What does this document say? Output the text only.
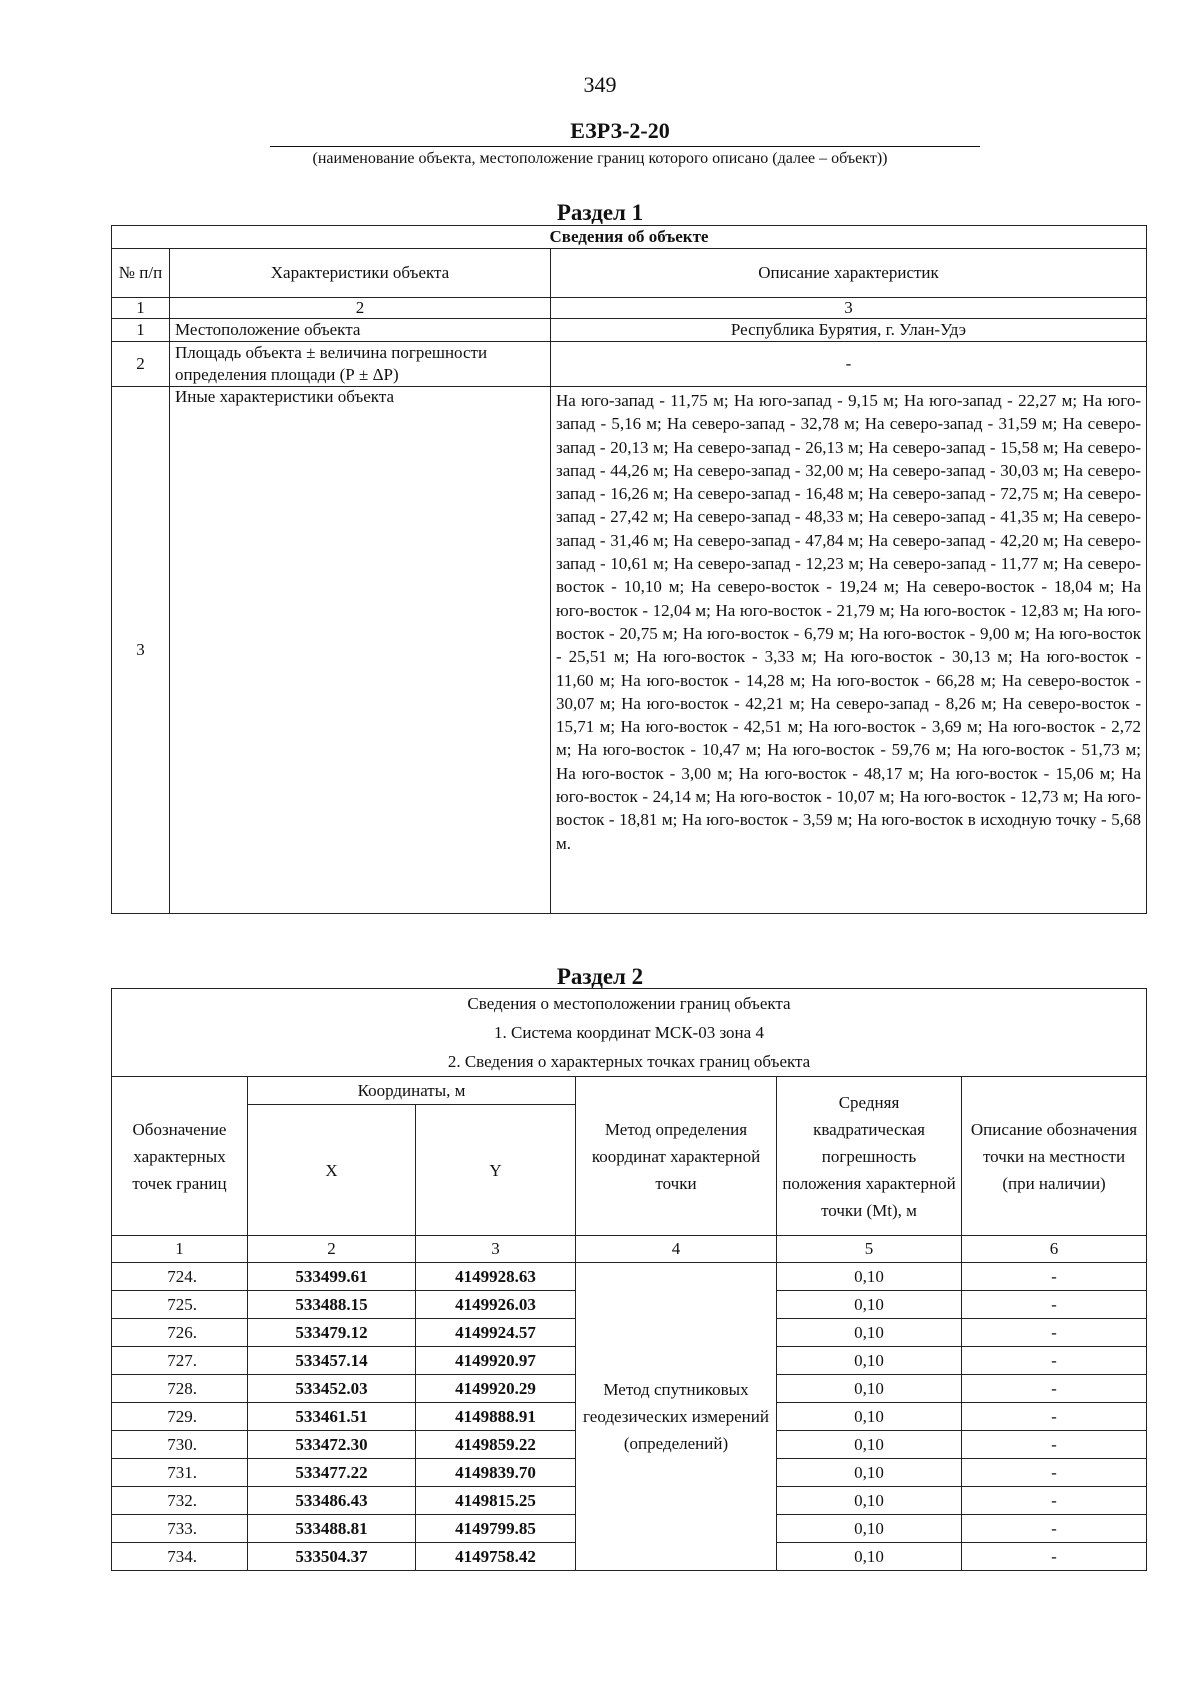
349
ЕЗРЗ-2-20
(наименование объекта, местоположение границ которого описано (далее – объект))
Раздел 1
Сведения об объекте		
№ п/п	Характеристики объекта	Описание характеристик
1	2	3
1	Местоположение объекта	Республика Бурятия, г. Улан-Удэ
2	Площадь объекта ± величина погрешности определения площади (Р ± ΔР)	-
3	Иные характеристики объекта	На юго-запад - 11,75 м; На юго-запад - 9,15 м; На юго-запад - 22,27 м; На юго-запад - 5,16 м; На северо-запад - 32,78 м; На северо-запад - 31,59 м; На северо-запад - 20,13 м; На северо-запад - 26,13 м; На северо-запад - 15,58 м; На северо-запад - 44,26 м; На северо-запад - 32,00 м; На северо-запад - 30,03 м; На северо-запад - 16,26 м; На северо-запад - 16,48 м; На северо-запад - 72,75 м; На северо-запад - 27,42 м; На северо-запад - 48,33 м; На северо-запад - 41,35 м; На северо-запад - 31,46 м; На северо-запад - 47,84 м; На северо-запад - 42,20 м; На северо-запад - 10,61 м; На северо-запад - 12,23 м; На северо-запад - 11,77 м; На северо-восток - 10,10 м; На северо-восток - 19,24 м; На северо-восток - 18,04 м; На юго-восток - 12,04 м; На юго-восток - 21,79 м; На юго-восток - 12,83 м; На юго-восток - 20,75 м; На юго-восток - 6,79 м; На юго-восток - 9,00 м; На юго-восток - 25,51 м; На юго-восток - 3,33 м; На юго-восток - 30,13 м; На юго-восток - 11,60 м; На юго-восток - 14,28 м; На юго-восток - 66,28 м; На северо-восток - 30,07 м; На юго-восток - 42,21 м; На северо-запад - 8,26 м; На северо-восток - 15,71 м; На юго-восток - 42,51 м; На юго-восток - 3,69 м; На юго-восток - 2,72 м; На юго-восток - 10,47 м; На юго-восток - 59,76 м; На юго-восток - 51,73 м; На юго-восток - 3,00 м; На юго-восток - 48,17 м; На юго-восток - 15,06 м; На юго-восток - 24,14 м; На юго-восток - 10,07 м; На юго-восток - 12,73 м; На юго-восток - 18,81 м; На юго-восток - 3,59 м; На юго-восток в исходную точку - 5,68 м.
Раздел 2
Сведения о местоположении границ объекта
1. Система координат МСК-03 зона 4
2. Сведения о характерных точках границ объекта					

Обозначение характерных точек границ	Координаты, м		Метод определения координат характерной точки	Средняя квадратическая погрешность положения характерной точки (Mt), м	Описание обозначения точки на местности (при наличии)
	X	Y			
1	2	3	4	5	6
724.	533499.61	4149928.63	Метод спутниковых геодезических измерений (определений)	0,10	-
725.	533488.15	4149926.03		0,10	-
726.	533479.12	4149924.57		0,10	-
727.	533457.14	4149920.97		0,10	-
728.	533452.03	4149920.29		0,10	-
729.	533461.51	4149888.91		0,10	-
730.	533472.30	4149859.22		0,10	-
731.	533477.22	4149839.70		0,10	-
732.	533486.43	4149815.25		0,10	-
733.	533488.81	4149799.85		0,10	-
734.	533504.37	4149758.42		0,10	-
